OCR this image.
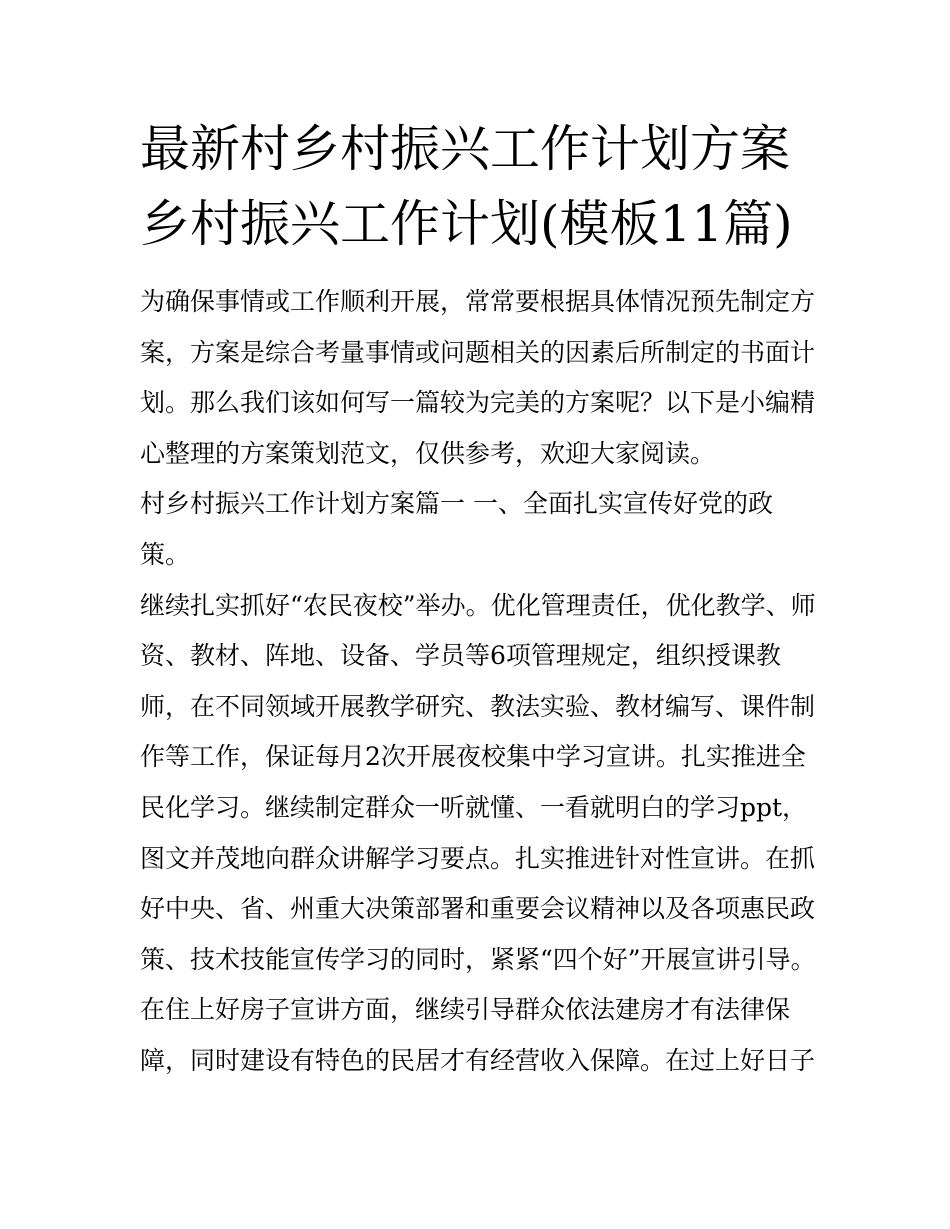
最新村乡村振兴工作计划方案
乡村振兴工作计划(模板11篇)
为确保事情或工作顺利开展，常常要根据具体情况预先制定方
案，方案是综合考量事情或问题相关的因素后所制定的书面计
划。那么我们该如何写一篇较为完美的方案呢？以下是小编精
心整理的方案策划范文，仅供参考，欢迎大家阅读。
村乡村振兴工作计划方案篇一 一、全面扎实宣传好党的政
策。
继续扎实抓好“农民夜校”举办。优化管理责任，优化教学、师
资、教材、阵地、设备、学员等6项管理规定，组织授课教
师，在不同领域开展教学研究、教法实验、教材编写、课件制
作等工作，保证每月2次开展夜校集中学习宣讲。扎实推进全
民化学习。继续制定群众一听就懂、一看就明白的学习ppt，
图文并茂地向群众讲解学习要点。扎实推进针对性宣讲。在抓
好中央、省、州重大决策部署和重要会议精神以及各项惠民政
策、技术技能宣传学习的同时，紧紧“四个好”开展宣讲引导。
在住上好房子宣讲方面，继续引导群众依法建房才有法律保
障，同时建设有特色的民居才有经营收入保障。在过上好日子
